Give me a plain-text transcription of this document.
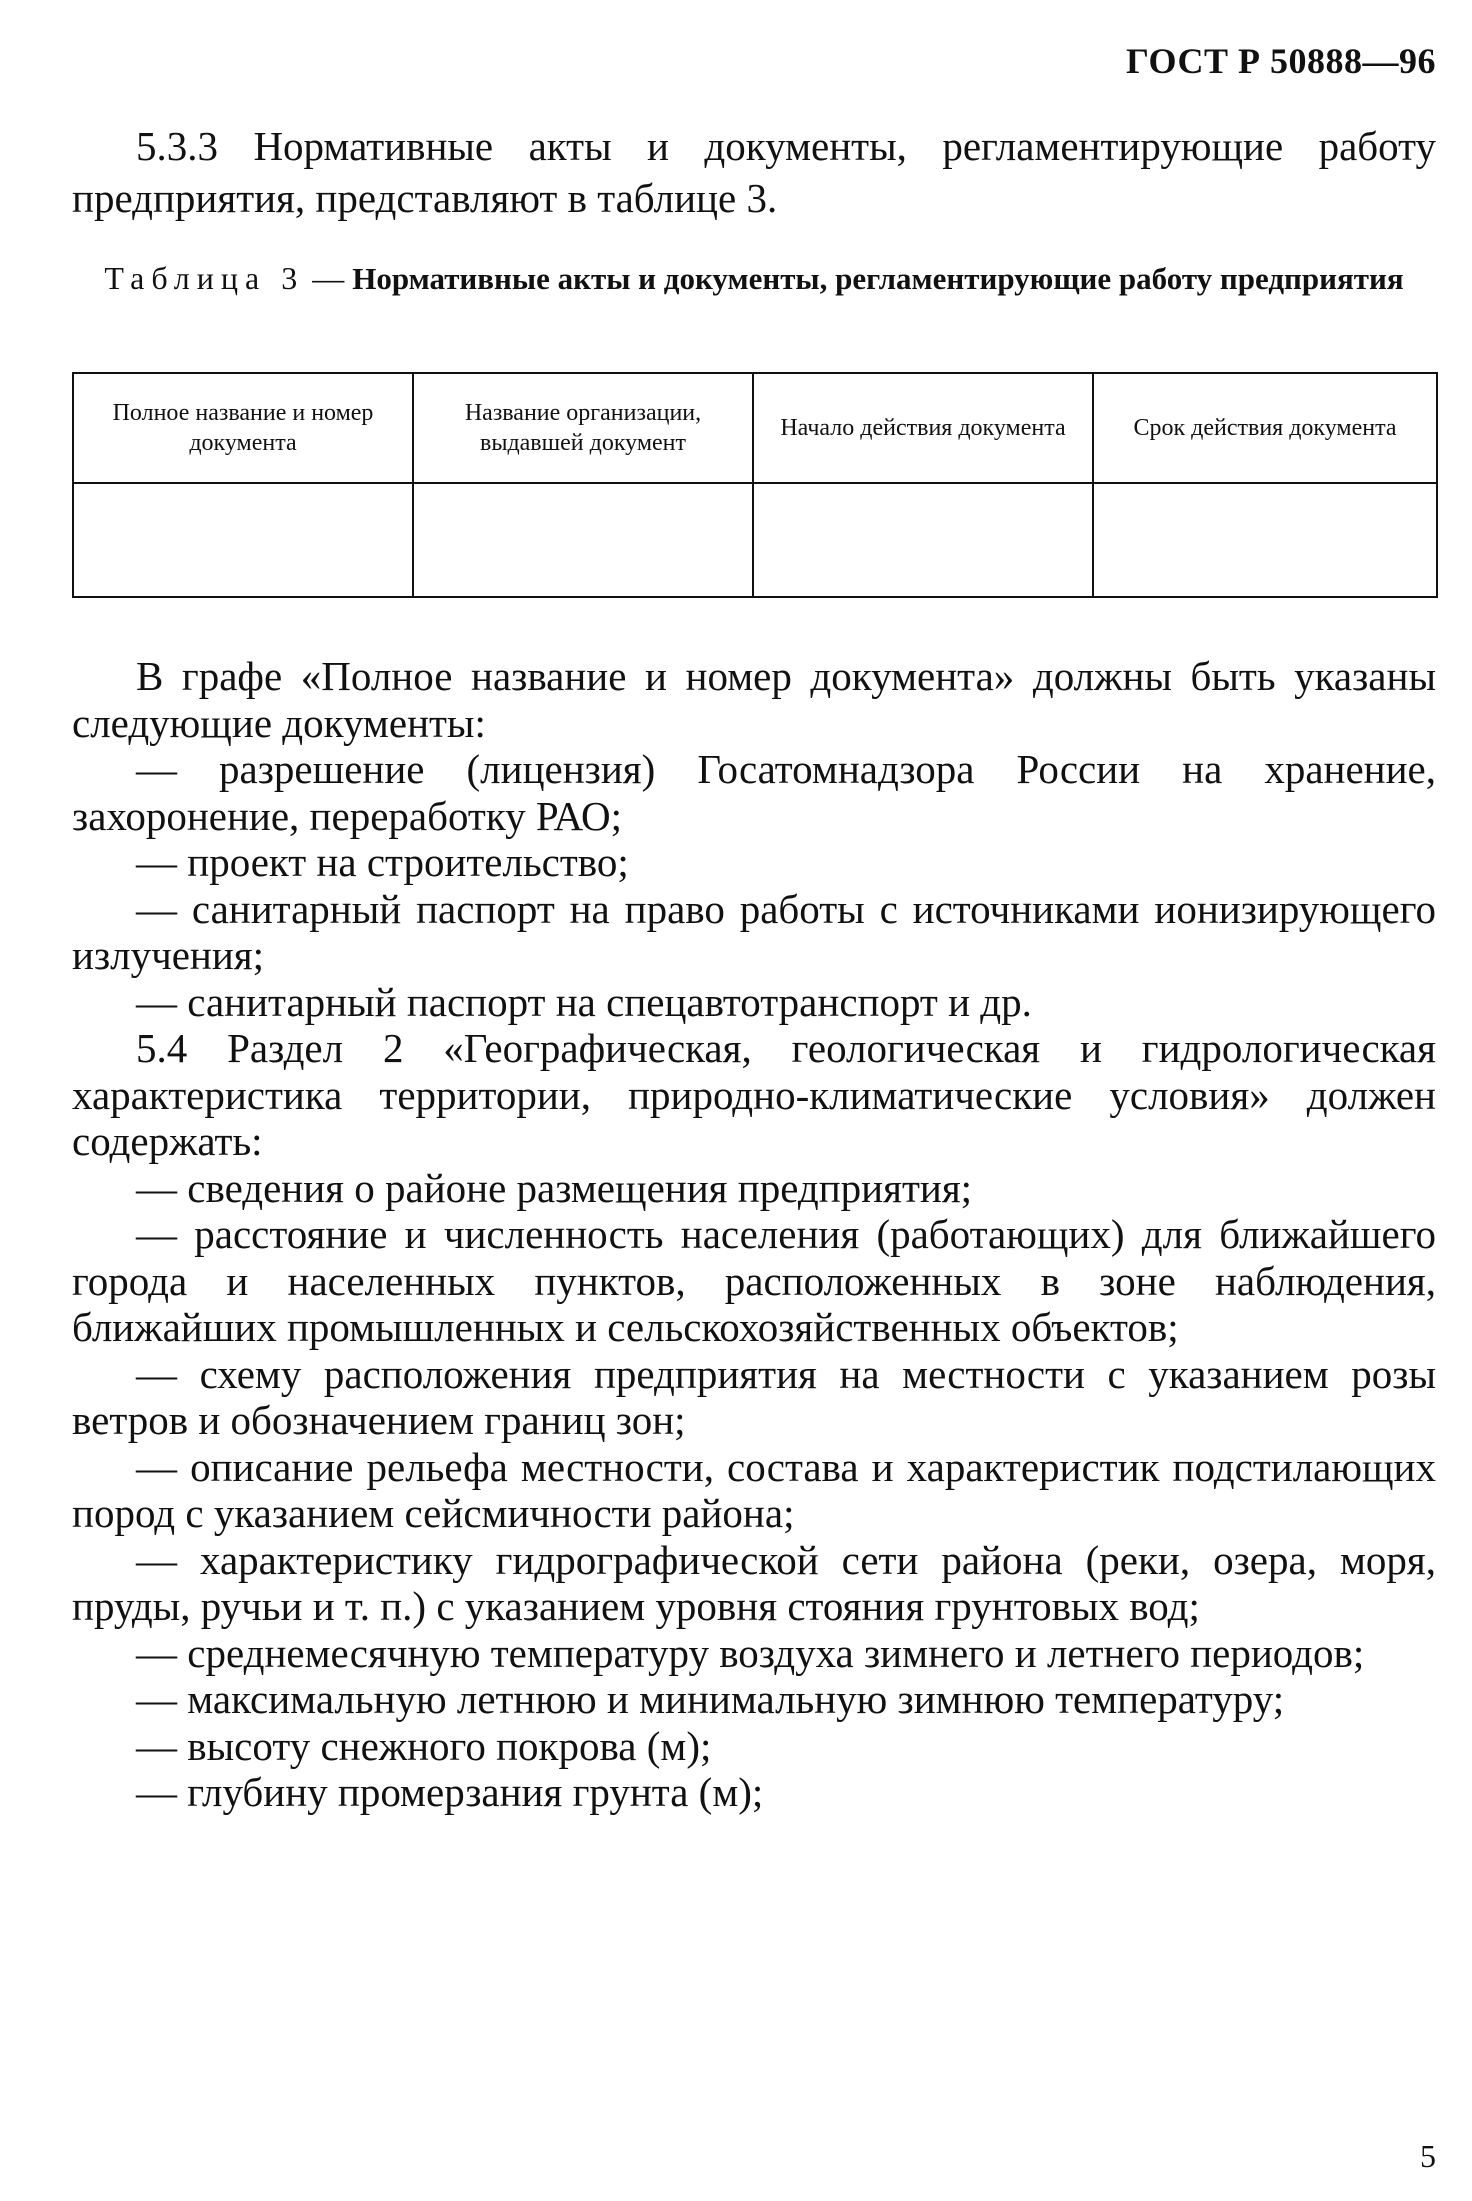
ГОСТ Р 50888—96

5.3.3 Нормативные акты и документы, регламентирующие работу предприятия, представляют в таблице 3.

Таблица 3 — Нормативные акты и документы, регламентирующие работу предприятия
Полное название и номер документа	Название организации, выдавшей документ	Начало действия документа	Срок действия документа

В графе «Полное название и номер документа» должны быть указаны следующие документы:

— разрешение (лицензия) Госатомнадзора России на хранение, захоронение, переработку РАО;

— проект на строительство;

— санитарный паспорт на право работы с источниками ионизирующего излучения;

— санитарный паспорт на спецавтотранспорт и др.

5.4 Раздел 2 «Географическая, геологическая и гидрологическая характеристика территории, природно-климатические условия» должен содержать:

— сведения о районе размещения предприятия;

— расстояние и численность населения (работающих) для ближайшего города и населенных пунктов, расположенных в зоне наблюдения, ближайших промышленных и сельскохозяйственных объектов;

— схему расположения предприятия на местности с указанием розы ветров и обозначением границ зон;

— описание рельефа местности, состава и характеристик подстилающих пород с указанием сейсмичности района;

— характеристику гидрографической сети района (реки, озера, моря, пруды, ручьи и т. п.) с указанием уровня стояния грунтовых вод;

— среднемесячную температуру воздуха зимнего и летнего периодов;

— максимальную летнюю и минимальную зимнюю температуру;

— высоту снежного покрова (м);

— глубину промерзания грунта (м);

5
